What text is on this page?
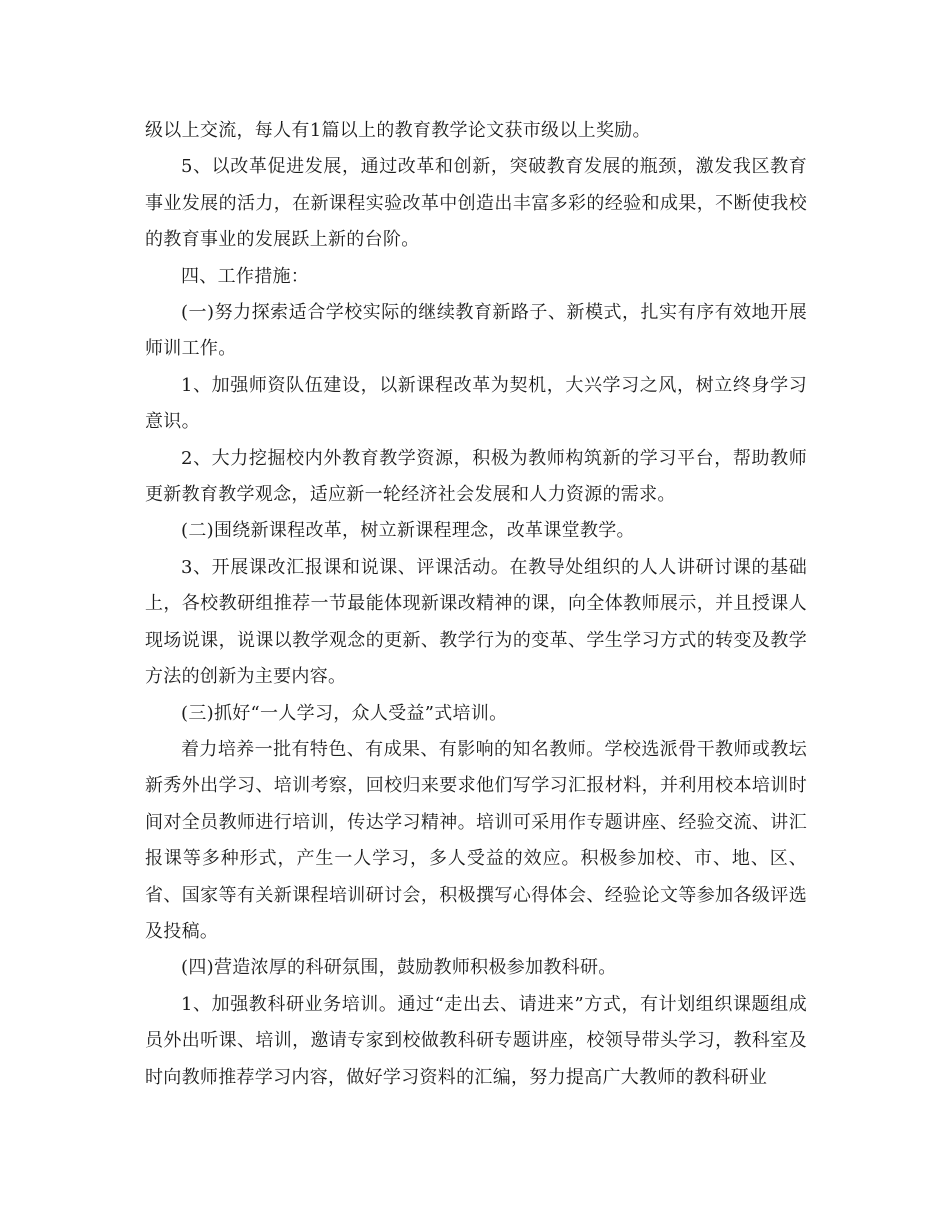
级以上交流，每人有1篇以上的教育教学论文获市级以上奖励。

5、以改革促进发展，通过改革和创新，突破教育发展的瓶颈，激发我区教育事业发展的活力，在新课程实验改革中创造出丰富多彩的经验和成果，不断使我校的教育事业的发展跃上新的台阶。

四、工作措施：

(一)努力探索适合学校实际的继续教育新路子、新模式，扎实有序有效地开展师训工作。

1、加强师资队伍建设，以新课程改革为契机，大兴学习之风，树立终身学习意识。

2、大力挖掘校内外教育教学资源，积极为教师构筑新的学习平台，帮助教师更新教育教学观念，适应新一轮经济社会发展和人力资源的需求。

(二)围绕新课程改革，树立新课程理念，改革课堂教学。

3、开展课改汇报课和说课、评课活动。在教导处组织的人人讲研讨课的基础上，各校教研组推荐一节最能体现新课改精神的课，向全体教师展示，并且授课人现场说课，说课以教学观念的更新、教学行为的变革、学生学习方式的转变及教学方法的创新为主要内容。

(三)抓好“一人学习，众人受益”式培训。

着力培养一批有特色、有成果、有影响的知名教师。学校选派骨干教师或教坛新秀外出学习、培训考察，回校归来要求他们写学习汇报材料，并利用校本培训时间对全员教师进行培训，传达学习精神。培训可采用作专题讲座、经验交流、讲汇报课等多种形式，产生一人学习，多人受益的效应。积极参加校、市、地、区、省、国家等有关新课程培训研讨会，积极撰写心得体会、经验论文等参加各级评选及投稿。

(四)营造浓厚的科研氛围，鼓励教师积极参加教科研。

1、加强教科研业务培训。通过“走出去、请进来”方式，有计划组织课题组成员外出听课、培训，邀请专家到校做教科研专题讲座，校领导带头学习，教科室及时向教师推荐学习内容，做好学习资料的汇编，努力提高广大教师的教科研业
